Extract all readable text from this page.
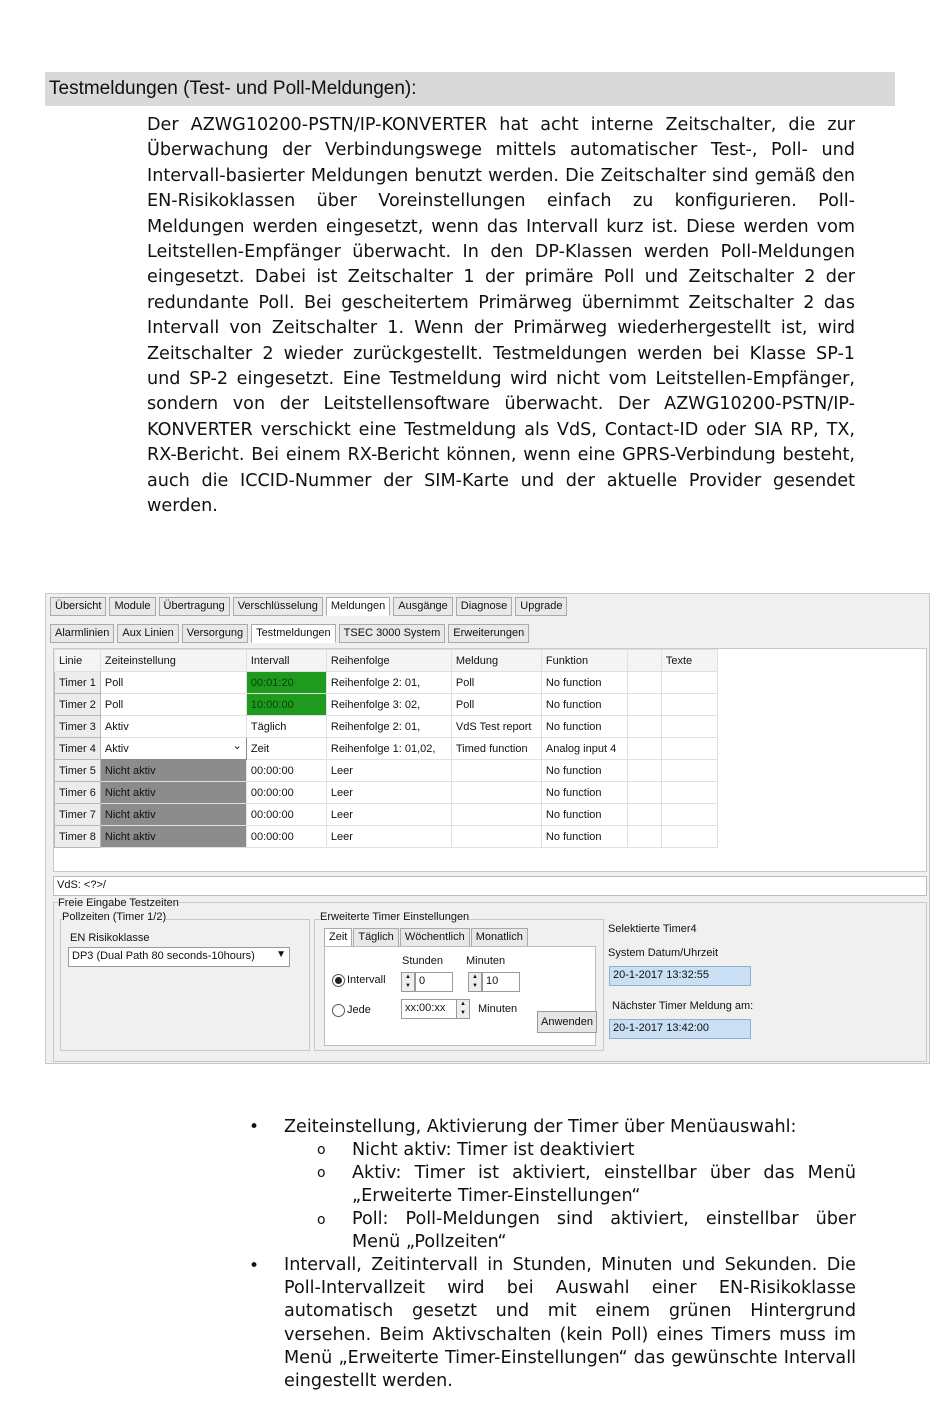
Testmeldungen (Test- und Poll-Meldungen):

Der AZWG10200-PSTN/IP-KONVERTER hat acht interne Zeitschalter, die zur Überwachung der Verbindungswege mittels automatischer Test-, Poll- und Intervall-basierter Meldungen benutzt werden. Die Zeitschalter sind gemäß den EN-Risikoklassen über Voreinstellungen einfach zu konfigurieren. Poll-Meldungen werden eingesetzt, wenn das Intervall kurz ist. Diese werden vom Leitstellen-Empfänger überwacht. In den DP-Klassen werden Poll-Meldungen eingesetzt. Dabei ist Zeitschalter 1 der primäre Poll und Zeitschalter 2 der redundante Poll. Bei gescheitertem Primärweg übernimmt Zeitschalter 2 das Intervall von Zeitschalter 1. Wenn der Primärweg wiederhergestellt ist, wird Zeitschalter 2 wieder zurückgestellt. Testmeldungen werden bei Klasse SP-1 und SP-2 eingesetzt. Eine Testmeldung wird nicht vom Leitstellen-Empfänger, sondern von der Leitstellensoftware überwacht. Der AZWG10200-PSTN/IP-KONVERTER verschickt eine Testmeldung als VdS, Contact-ID oder SIA RP, TX, RX-Bericht. Bei einem RX-Bericht können, wenn eine GPRS-Verbindung besteht, auch die ICCID-Nummer der SIM-Karte und der aktuelle Provider gesendet werden.

Übersicht	Module	Übertragung	Verschlüsselung	Meldungen	Ausgänge	Diagnose	Upgrade
Alarmlinien	Aux Linien	Versorgung	Testmeldungen	TSEC 3000 System	Erweiterungen
Linie	Zeiteinstellung	Intervall	Reihenfolge	Meldung	Funktion		Texte
Timer 1	Poll	00:01:20	Reihenfolge 2: 01,	Poll	No function		
Timer 2	Poll	10:00:00	Reihenfolge 3: 02,	Poll	No function		
Timer 3	Aktiv	Täglich	Reihenfolge 2: 01,	VdS Test report	No function		
Timer 4	Aktiv ⌄	Zeit	Reihenfolge 1: 01,02,	Timed function	Analog input 4		
Timer 5	Nicht aktiv	00:00:00	Leer		No function		
Timer 6	Nicht aktiv	00:00:00	Leer		No function		
Timer 7	Nicht aktiv	00:00:00	Leer		No function		
Timer 8	Nicht aktiv	00:00:00	Leer		No function		
VdS: <?>/
Freie Eingabe Testzeiten
Pollzeiten (Timer 1/2)
EN Risikoklasse
DP3 (Dual Path 80 seconds-10hours) ▼
Erweiterte Timer Einstellungen
Zeit	Täglich	Wöchentlich	Monatlich
Stunden Minuten
Intervall	▲
▼ 0	▲
▼ 10
Jede	xx:00:xx	▲
▼	Minuten
Anwenden
Selektierte Timer4
System Datum/Uhrzeit
20-1-2017 13:32:55
Nächster Timer Meldung am:
20-1-2017 13:42:00
• Zeiteinstellung, Aktivierung der Timer über Menüauswahl:
o Nicht aktiv: Timer ist deaktiviert
o Aktiv: Timer ist aktiviert, einstellbar über das Menü
„Erweiterte Timer-Einstellungen“
o Poll: Poll-Meldungen sind aktiviert, einstellbar über
Menü „Pollzeiten“
• Intervall, Zeitintervall in Stunden, Minuten und Sekunden. Die Poll-Intervallzeit wird bei Auswahl einer EN-Risikoklasse automatisch gesetzt und mit einem grünen Hintergrund versehen. Beim Aktivschalten (kein Poll) eines Timers muss im Menü „Erweiterte Timer-Einstellungen“ das gewünschte Intervall eingestellt werden.
